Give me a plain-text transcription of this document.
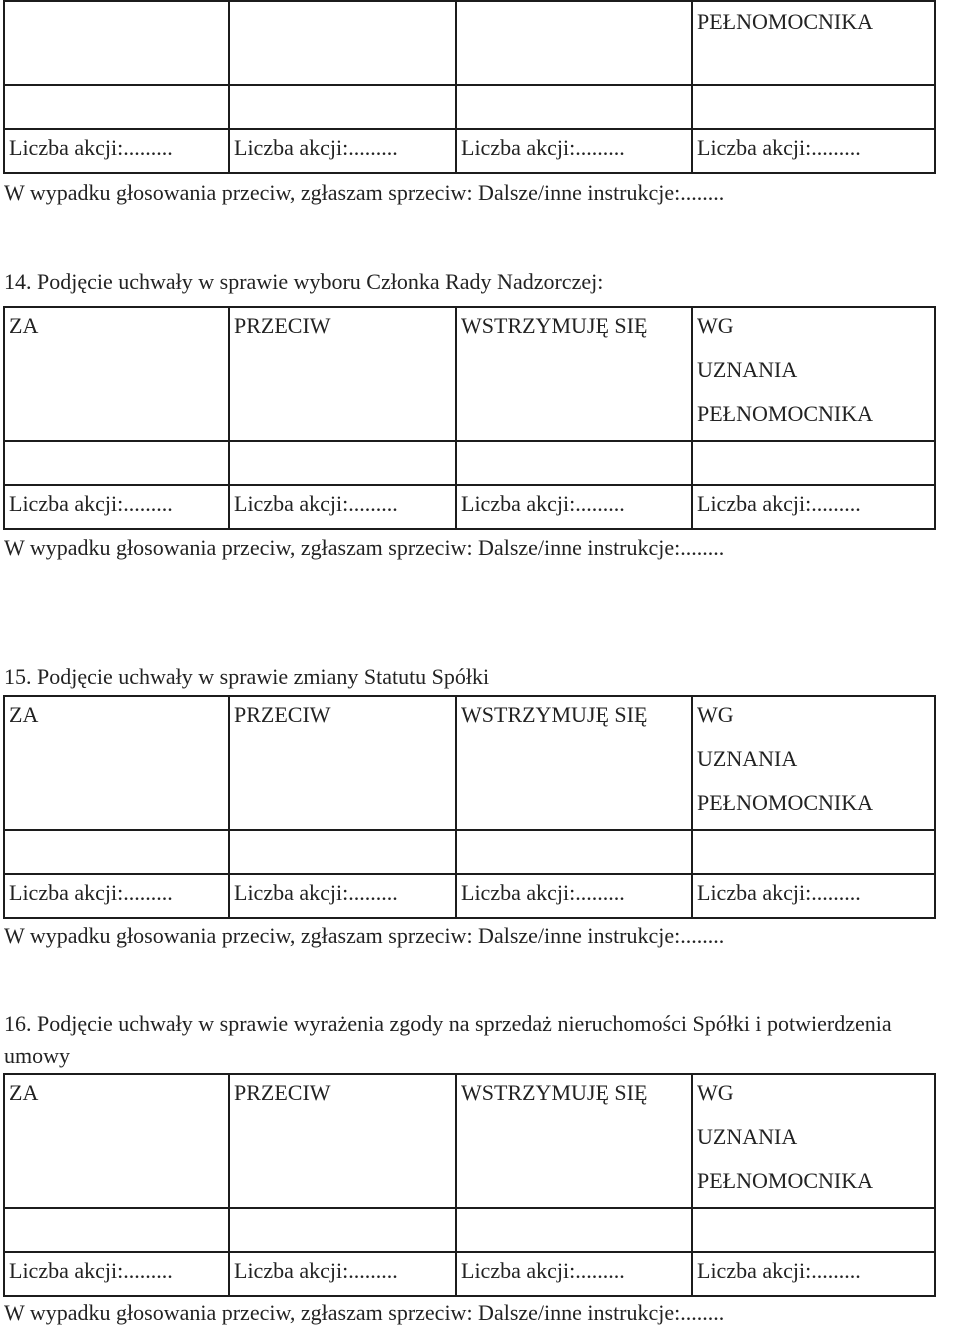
			PEŁNOMOCNIKA

Liczba akcji:.........	Liczba akcji:.........	Liczba akcji:.........	Liczba akcji:.........
W wypadku głosowania przeciw, zgłaszam sprzeciw: Dalsze/inne instrukcje:........
14. Podjęcie uchwały w sprawie wyboru Członka Rady Nadzorczej:
ZA	PRZECIW	WSTRZYMUJĘ SIĘ	WG
UZNANIA
PEŁNOMOCNIKA

Liczba akcji:.........	Liczba akcji:.........	Liczba akcji:.........	Liczba akcji:.........
W wypadku głosowania przeciw, zgłaszam sprzeciw: Dalsze/inne instrukcje:........
15. Podjęcie uchwały w sprawie zmiany Statutu Spółki
ZA	PRZECIW	WSTRZYMUJĘ SIĘ	WG
UZNANIA
PEŁNOMOCNIKA

Liczba akcji:.........	Liczba akcji:.........	Liczba akcji:.........	Liczba akcji:.........
W wypadku głosowania przeciw, zgłaszam sprzeciw: Dalsze/inne instrukcje:........
16. Podjęcie uchwały w sprawie wyrażenia zgody na sprzedaż nieruchomości Spółki i potwierdzenia umowy
ZA	PRZECIW	WSTRZYMUJĘ SIĘ	WG
UZNANIA
PEŁNOMOCNIKA

Liczba akcji:.........	Liczba akcji:.........	Liczba akcji:.........	Liczba akcji:.........
W wypadku głosowania przeciw, zgłaszam sprzeciw: Dalsze/inne instrukcje:........
